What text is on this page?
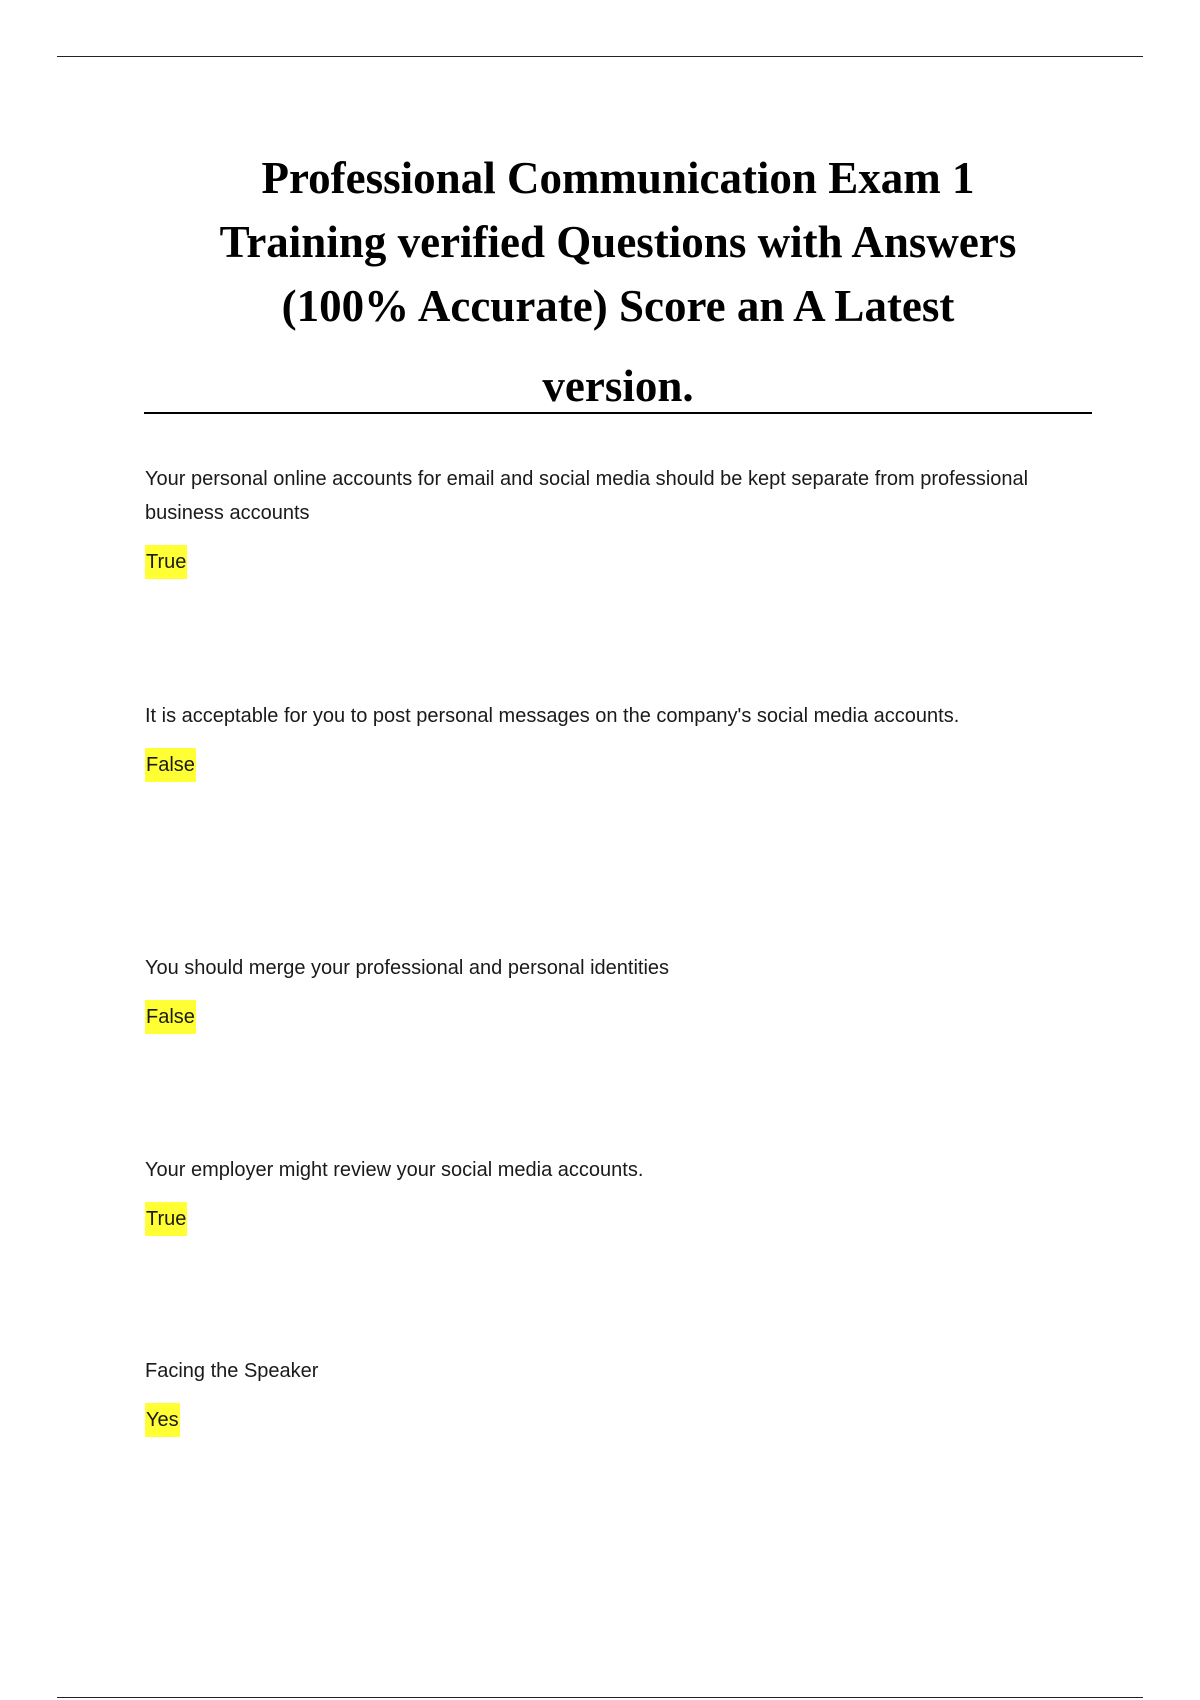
Professional Communication Exam 1
Training verified Questions with Answers
(100% Accurate) Score an A Latest
version.

Your personal online accounts for email and social media should be kept separate from professional business accounts

True

It is acceptable for you to post personal messages on the company's social media accounts.

False

You should merge your professional and personal identities

False

Your employer might review your social media accounts.

True

Facing the Speaker

Yes
